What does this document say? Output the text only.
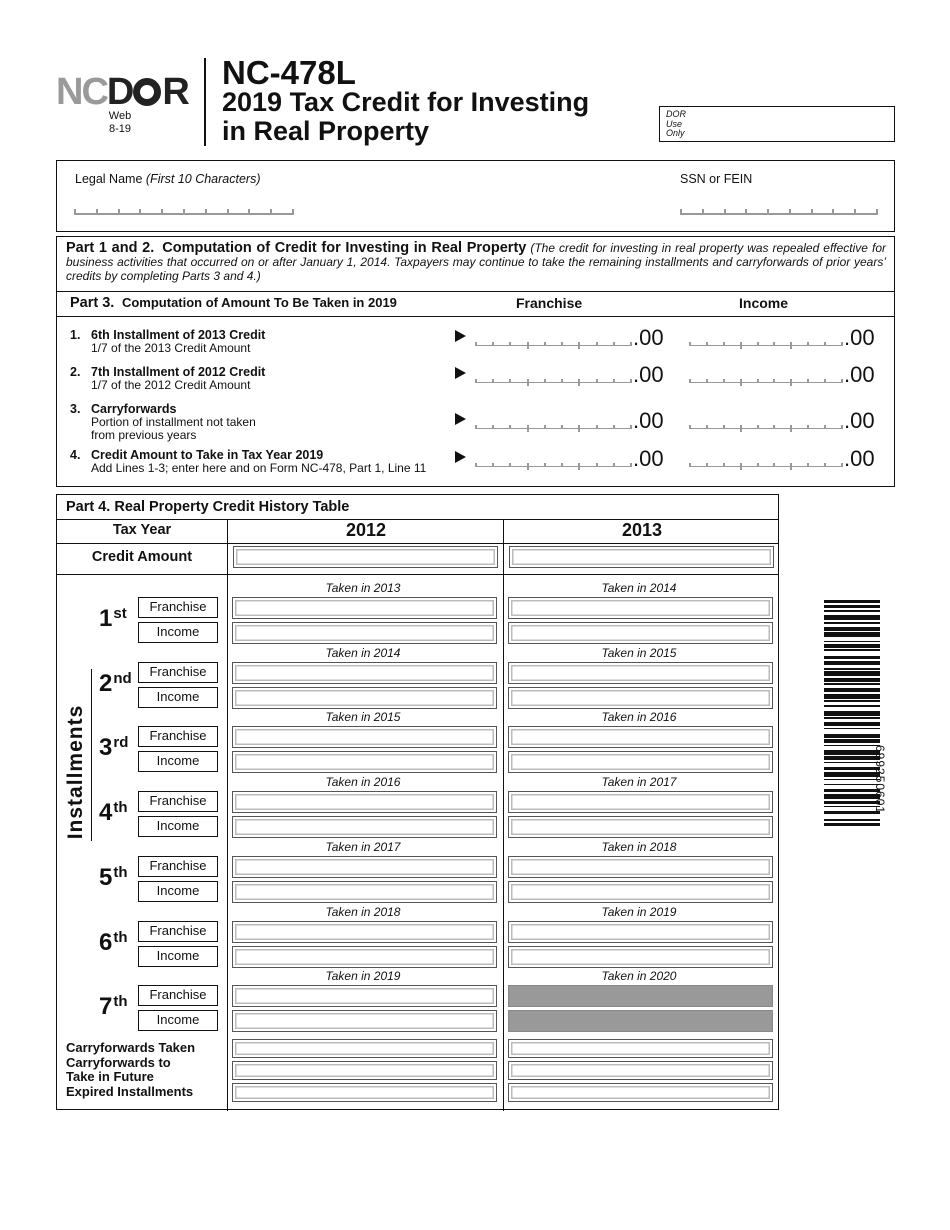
NCD R
Web
8-19
NC-478L
2019 Tax Credit for Investing
in Real Property
DOR
Use
Only
Legal Name (First 10 Characters)	SSN or FEIN
Part 1 and 2. Computation of Credit for Investing in Real Property (The credit for investing in real property was repealed effective for business activities that occurred on or after January 1, 2014. Taxpayers may continue to take the remaining installments and carryforwards of prior years’ credits by completing Parts 3 and 4.)
Part 3. Computation of Amount To Be Taken in 2019	Franchise	Income
1. 6th Installment of 2013 Credit
1/7 of the 2013 Credit Amount	.00	.00
2. 7th Installment of 2012 Credit
1/7 of the 2012 Credit Amount	.00	.00
3. Carryforwards
Portion of installment not taken
from previous years
.00	.00
4. Credit Amount to Take in Tax Year 2019
Add Lines 1-3; enter here and on Form NC-478, Part 1, Line 11	.00	.00
Part 4. Real Property Credit History Table
Tax Year	2012	2013
Credit Amount
Installments
Taken in 2013	Taken in 2014
1st	Franchise
Income
Taken in 2014	Taken in 2015
2nd	Franchise
Income
Taken in 2015	Taken in 2016
3rd	Franchise
Income
Taken in 2016	Taken in 2017
4th	Franchise
Income
Taken in 2017	Taken in 2018
5th	Franchise
Income
Taken in 2018	Taken in 2019
6th	Franchise
Income
Taken in 2019	Taken in 2020
7th	Franchise
Income
Carryforwards Taken
Carryforwards to
Take in Future
Expired Installments
699250601
